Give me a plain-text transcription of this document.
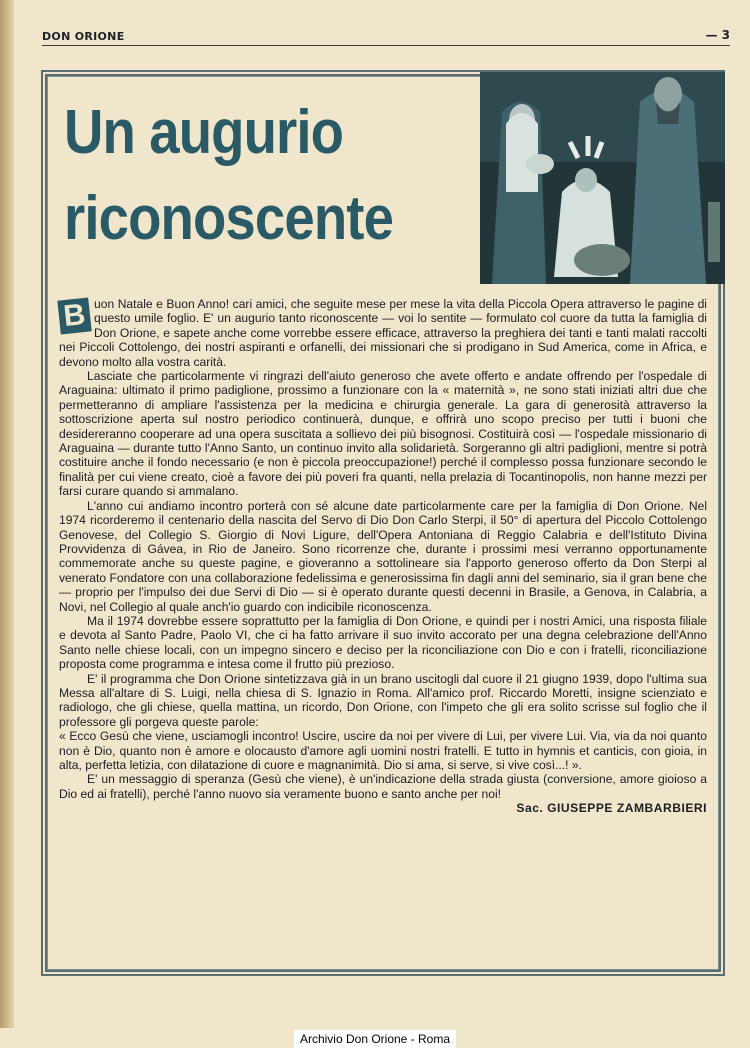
DON ORIONE	— 3
Un augurio
riconoscente

B uon Natale e Buon Anno! cari amici, che seguite mese per mese la vita della Piccola Opera attraverso le pagine di questo umile foglio. E' un augurio tanto riconoscente — voi lo sentite — formulato col cuore da tutta la famiglia di Don Orione, e sapete anche come vorrebbe essere efficace, attraverso la preghiera dei tanti e tanti malati raccolti nei Piccoli Cottolengo, dei nostri aspiranti e orfanelli, dei missionari che si prodigano in Sud America, come in Africa, e devono molto alla vostra carità.

Lasciate che particolarmente vi ringrazi dell'aiuto generoso che avete offerto e andate offrendo per l'ospedale di Araguaina: ultimato il primo padiglione, prossimo a funzionare con la « maternità », ne sono stati iniziati altri due che permetteranno di ampliare l'assistenza per la medicina e chirurgia generale. La gara di generosità attraverso la sottoscrizione aperta sul nostro periodico continuerà, dunque, e offrirà uno scopo preciso per tutti i buoni che desidereranno cooperare ad una opera suscitata a sollievo dei più bisognosi. Costituirà così — l'ospedale missionario di Araguaina — durante tutto l'Anno Santo, un continuo invito alla solidarietà. Sorgeranno gli altri padiglioni, mentre si potrà costituire anche il fondo necessario (e non è piccola preoccupazione!) perché il complesso possa funzionare secondo le finalità per cui viene creato, cioè a favore dei più poveri fra quanti, nella prelazia di Tocantinopolis, non hanne mezzi per farsi curare quando si ammalano.

L'anno cui andiamo incontro porterà con sé alcune date particolarmente care per la famiglia di Don Orione. Nel 1974 ricorderemo il centenario della nascita del Servo di Dio Don Carlo Sterpi, il 50° di apertura del Piccolo Cottolengo Genovese, del Collegio S. Giorgio di Novi Ligure, dell'Opera Antoniana di Reggio Calabria e dell'Istituto Divina Provvidenza di Gávea, in Rio de Janeiro. Sono ricorrenze che, durante i prossimi mesi verranno opportunamente commemorate anche su queste pagine, e gioveranno a sottolineare sia l'apporto generoso offerto da Don Sterpi al venerato Fondatore con una collaborazione fedelissima e generosissima fin dagli anni del seminario, sia il gran bene che — proprio per l'impulso dei due Servi di Dio — si è operato durante questi decenni in Brasile, a Genova, in Calabria, a Novi, nel Collegio al quale anch'io guardo con indicibile riconoscenza.

Ma il 1974 dovrebbe essere soprattutto per la famiglia di Don Orione, e quindi per i nostri Amici, una risposta filiale e devota al Santo Padre, Paolo VI, che ci ha fatto arrivare il suo invito accorato per una degna celebrazione dell'Anno Santo nelle chiese locali, con un impegno sincero e deciso per la riconciliazione con Dio e con i fratelli, riconciliazione proposta come programma e intesa come il frutto più prezioso.

E' il programma che Don Orione sintetizzava già in un brano uscitogli dal cuore il 21 giugno 1939, dopo l'ultima sua Messa all'altare di S. Luigi, nella chiesa di S. Ignazio in Roma. All'amico prof. Riccardo Moretti, insigne scienziato e radiologo, che gli chiese, quella mattina, un ricordo, Don Orione, con l'impeto che gli era solito scrisse sul foglio che il professore gli porgeva queste parole:

« Ecco Gesù che viene, usciamogli incontro! Uscire, uscire da noi per vivere di Lui, per vivere Lui. Via, via da noi quanto non è Dio, quanto non è amore e olocausto d'amore agli uomini nostri fratelli. E tutto in hymnis et canticis, con gioia, in alta, perfetta letizia, con dilatazione di cuore e magnanimità. Dio si ama, si serve, si vive così...! ».

E' un messaggio di speranza (Gesù che viene), è un'indicazione della strada giusta (conversione, amore gioioso a Dio ed ai fratelli), perché l'anno nuovo sia veramente buono e santo anche per noi!

Sac. GIUSEPPE ZAMBARBIERI

Archivio Don Orione - Roma
